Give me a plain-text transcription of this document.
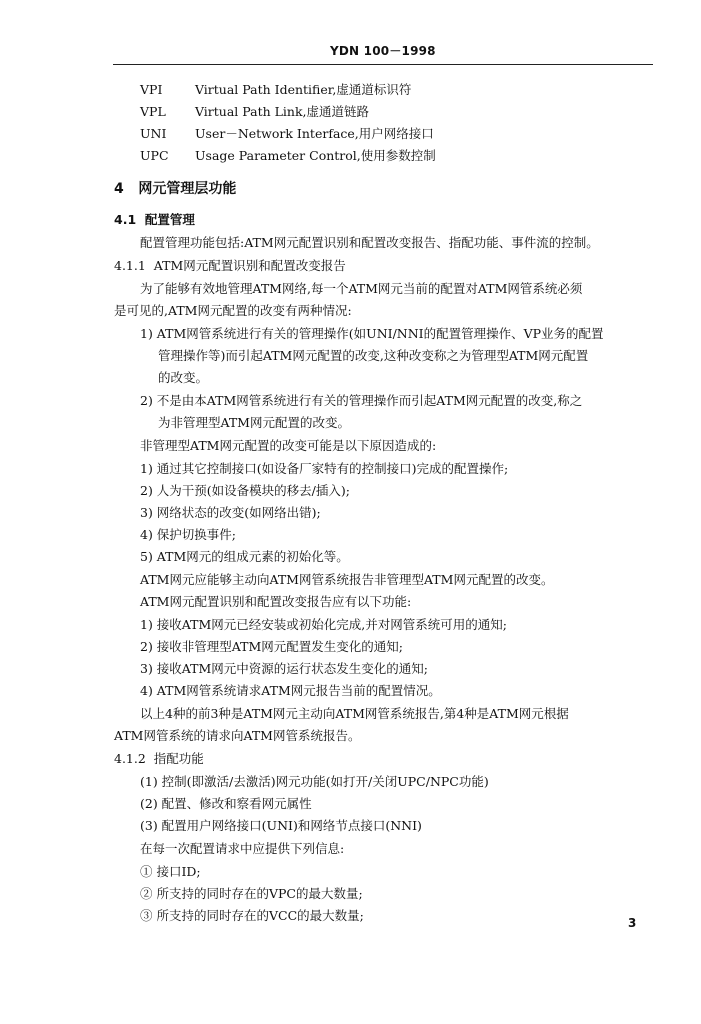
YDN 100－1998
VPI	Virtual Path Identifier,虚通道标识符
VPL Virtual Path Link,虚通道链路
UNI User－Network Interface,用户网络接口
UPC Usage Parameter Control,使用参数控制
4 网元管理层功能
4.1 配置管理
配置管理功能包括:ATM网元配置识别和配置改变报告、指配功能、事件流的控制。
4.1.1 ATM网元配置识别和配置改变报告
为了能够有效地管理ATM网络,每一个ATM网元当前的配置对ATM网管系统必须
是可见的,ATM网元配置的改变有两种情况:
1) ATM网管系统进行有关的管理操作(如UNI/NNI的配置管理操作、VP业务的配置
管理操作等)而引起ATM网元配置的改变,这种改变称之为管理型ATM网元配置
的改变。
2) 不是由本ATM网管系统进行有关的管理操作而引起ATM网元配置的改变,称之
为非管理型ATM网元配置的改变。
非管理型ATM网元配置的改变可能是以下原因造成的:
1) 通过其它控制接口(如设备厂家特有的控制接口)完成的配置操作;
2) 人为干预(如设备模块的移去/插入);
3) 网络状态的改变(如网络出错);
4) 保护切换事件;
5) ATM网元的组成元素的初始化等。
ATM网元应能够主动向ATM网管系统报告非管理型ATM网元配置的改变。
ATM网元配置识别和配置改变报告应有以下功能:
1) 接收ATM网元已经安装或初始化完成,并对网管系统可用的通知;
2) 接收非管理型ATM网元配置发生变化的通知;
3) 接收ATM网元中资源的运行状态发生变化的通知;
4) ATM网管系统请求ATM网元报告当前的配置情况。
以上4种的前3种是ATM网元主动向ATM网管系统报告,第4种是ATM网元根据
ATM网管系统的请求向ATM网管系统报告。
4.1.2 指配功能
(1) 控制(即激活/去激活)网元功能(如打开/关闭UPC/NPC功能)
(2) 配置、修改和察看网元属性
(3) 配置用户网络接口(UNI)和网络节点接口(NNI)
在每一次配置请求中应提供下列信息:
① 接口ID;
② 所支持的同时存在的VPC的最大数量;
③ 所支持的同时存在的VCC的最大数量;	3
